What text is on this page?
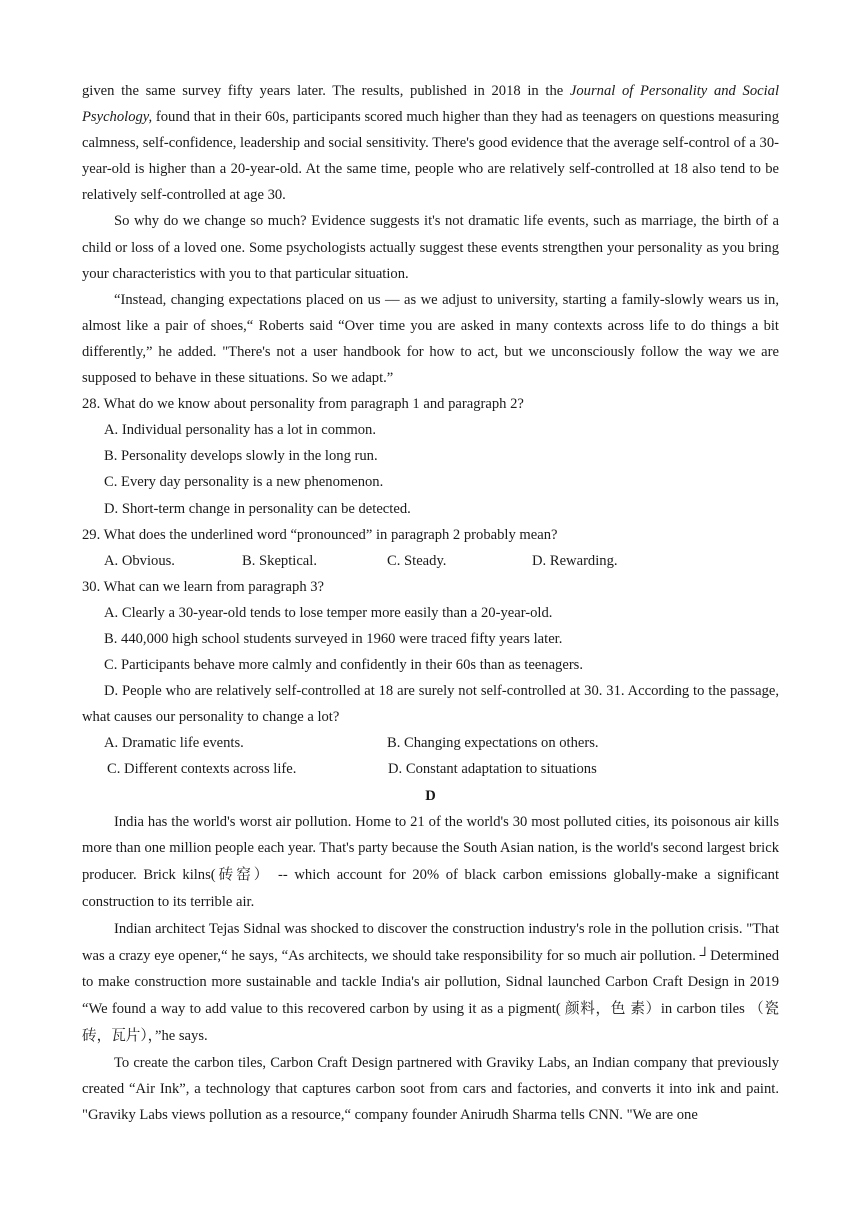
given the same survey fifty years later. The results, published in 2018 in the Journal of Personality and Social Psychology, found that in their 60s, participants scored much higher than they had as teenagers on questions measuring calmness, self-confidence, leadership and social sensitivity. There's good evidence that the average self-control of a 30-year-old is higher than a 20-year-old. At the same time, people who are relatively self-controlled at 18 also tend to be relatively self-controlled at age 30.

So why do we change so much? Evidence suggests it's not dramatic life events, such as marriage, the birth of a child or loss of a loved one. Some psychologists actually suggest these events strengthen your personality as you bring your characteristics with you to that particular situation.

“Instead, changing expectations placed on us — as we adjust to university, starting a family-slowly wears us in, almost like a pair of shoes,“ Roberts said “Over time you are asked in many contexts across life to do things a bit differently,” he added. "There's not a user handbook for how to act, but we unconsciously follow the way we are supposed to behave in these situations. So we adapt.”

28. What do we know about personality from paragraph 1 and paragraph 2?

A. Individual personality has a lot in common.

B. Personality develops slowly in the long run.

C. Every day personality is a new phenomenon.

D. Short-term change in personality can be detected.

29. What does the underlined word “pronounced” in paragraph 2 probably mean?

A. Obvious.	B. Skeptical.	C. Steady.	D. Rewarding.

30. What can we learn from paragraph 3?

A. Clearly a 30-year-old tends to lose temper more easily than a 20-year-old.

B. 440,000 high school students surveyed in 1960 were traced fifty years later.

C. Participants behave more calmly and confidently in their 60s than as teenagers.

D. People who are relatively self-controlled at 18 are surely not self-controlled at 30. 31. According to the passage, what causes our personality to change a lot?

A. Dramatic life events.	B. Changing expectations on others.
C. Different contexts across life.	D. Constant adaptation to situations

D

India has the world's worst air pollution. Home to 21 of the world's 30 most polluted cities, its poisonous air kills more than one million people each year. That's party because the South Asian nation, is the world's second largest brick producer. Brick kilns(砖窑） -- which account for 20% of black carbon emissions globally-make a significant construction to its terrible air.

Indian architect Tejas Sidnal was shocked to discover the construction industry's role in the pollution crisis. "That was a crazy eye opener,“ he says, “As architects, we should take responsibility for so much air pollution. ┘Determined to make construction more sustainable and tackle India's air pollution, Sidnal launched Carbon Craft Design in 2019 “We found a way to add value to this recovered carbon by using it as a pigment( 颜料，色 素）in carbon tiles （瓷砖，瓦片），”he says.

To create the carbon tiles, Carbon Craft Design partnered with Graviky Labs, an Indian company that previously created “Air Ink”, a technology that captures carbon soot from cars and factories, and converts it into ink and paint. "Graviky Labs views pollution as a resource,“ company founder Anirudh Sharma tells CNN. "We are one
